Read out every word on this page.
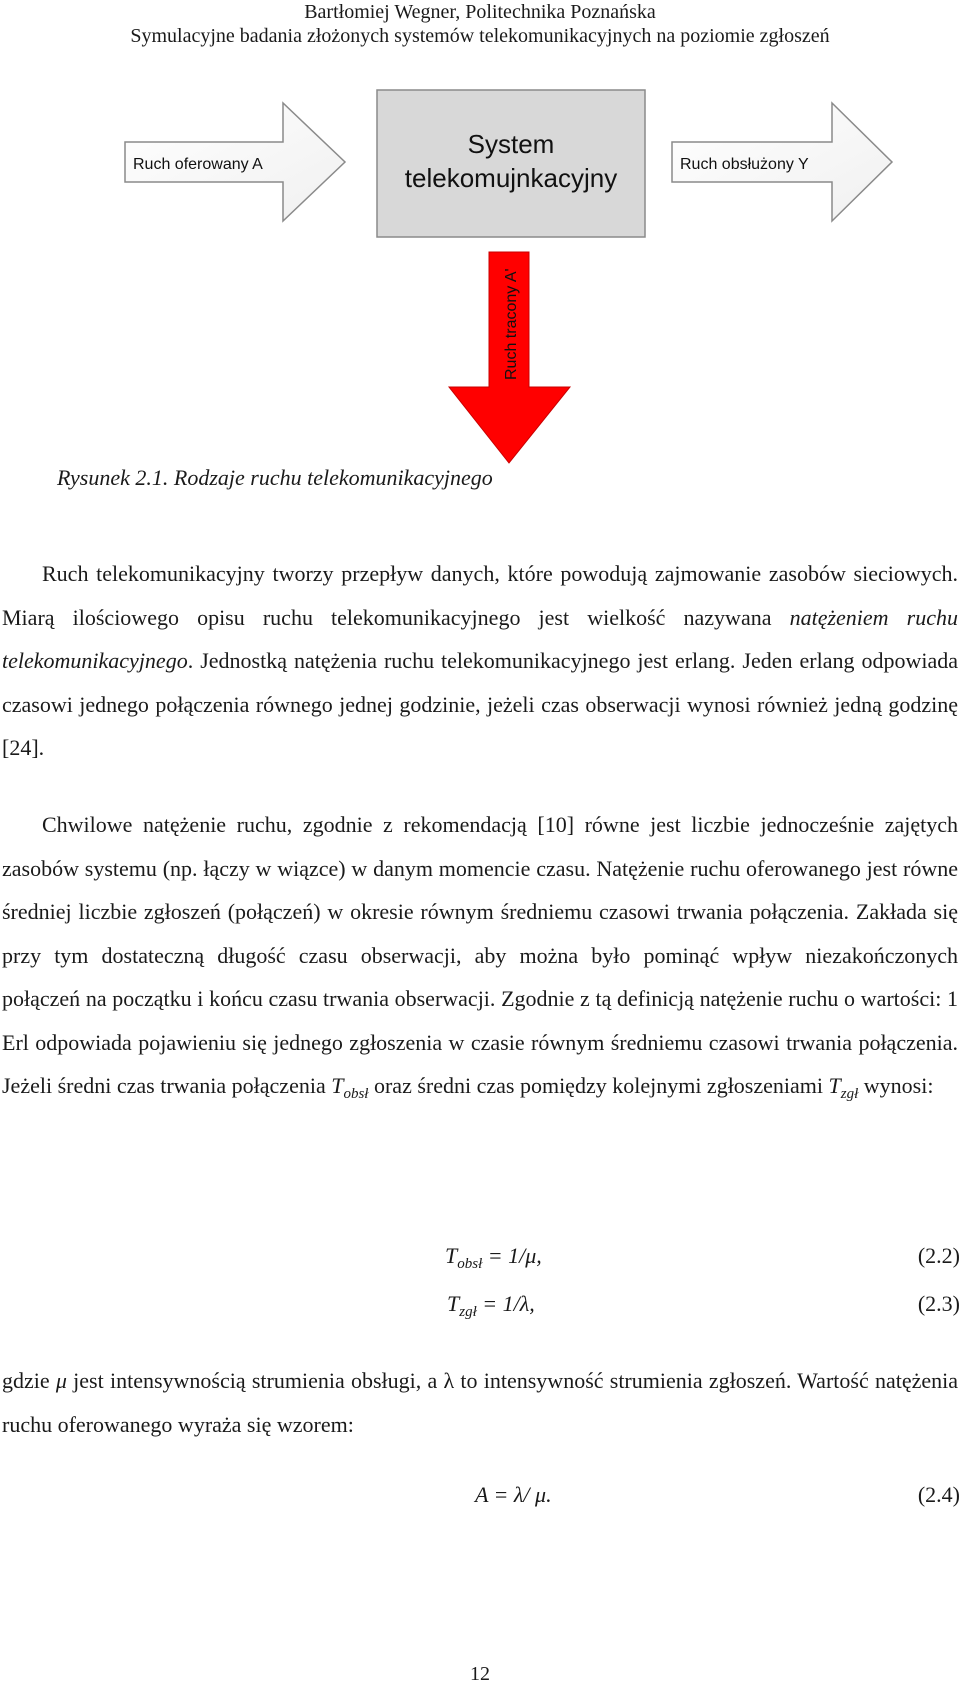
Bartłomiej Wegner, Politechnika Poznańska
Symulacyjne badania złożonych systemów telekomunikacyjnych na poziomie zgłoszeń
Ruch oferowany A
System
telekomujnkacyjny	Ruch obsłużony Y
Ruch tracony A'
Rysunek 2.1. Rodzaje ruchu telekomunikacyjnego
Ruch telekomunikacyjny tworzy przepływ danych, które powodują zajmowanie zasobów sieciowych. Miarą ilościowego opisu ruchu telekomunikacyjnego jest wielkość nazywana natężeniem ruchu telekomunikacyjnego. Jednostką natężenia ruchu telekomunikacyjnego jest erlang. Jeden erlang odpowiada czasowi jednego połączenia równego jednej godzinie, jeżeli czas obserwacji wynosi również jedną godzinę [24].
Chwilowe natężenie ruchu, zgodnie z rekomendacją [10] równe jest liczbie jednocześnie zajętych zasobów systemu (np. łączy w wiązce) w danym momencie czasu. Natężenie ruchu oferowanego jest równe średniej liczbie zgłoszeń (połączeń) w okresie równym średniemu czasowi trwania połączenia. Zakłada się przy tym dostateczną długość czasu obserwacji, aby można było pominąć wpływ niezakończonych połączeń na początku i końcu czasu trwania obserwacji. Zgodnie z tą definicją natężenie ruchu o wartości: 1 Erl odpowiada pojawieniu się jednego zgłoszenia w czasie równym średniemu czasowi trwania połączenia. Jeżeli średni czas trwania połączenia $T_{obsł}$ oraz średni czas pomiędzy kolejnymi zgłoszeniami $T_{zgł}$ wynosi:
$T_{obsł} = 1/\mu$,	(2.2)
$T_{zgł} = 1/\lambda$,	(2.3)
gdzie μ jest intensywnością strumienia obsługi, a λ to intensywność strumienia zgłoszeń. Wartość natężenia ruchu oferowanego wyraża się wzorem:
A = λ/ μ.	(2.4)
12
